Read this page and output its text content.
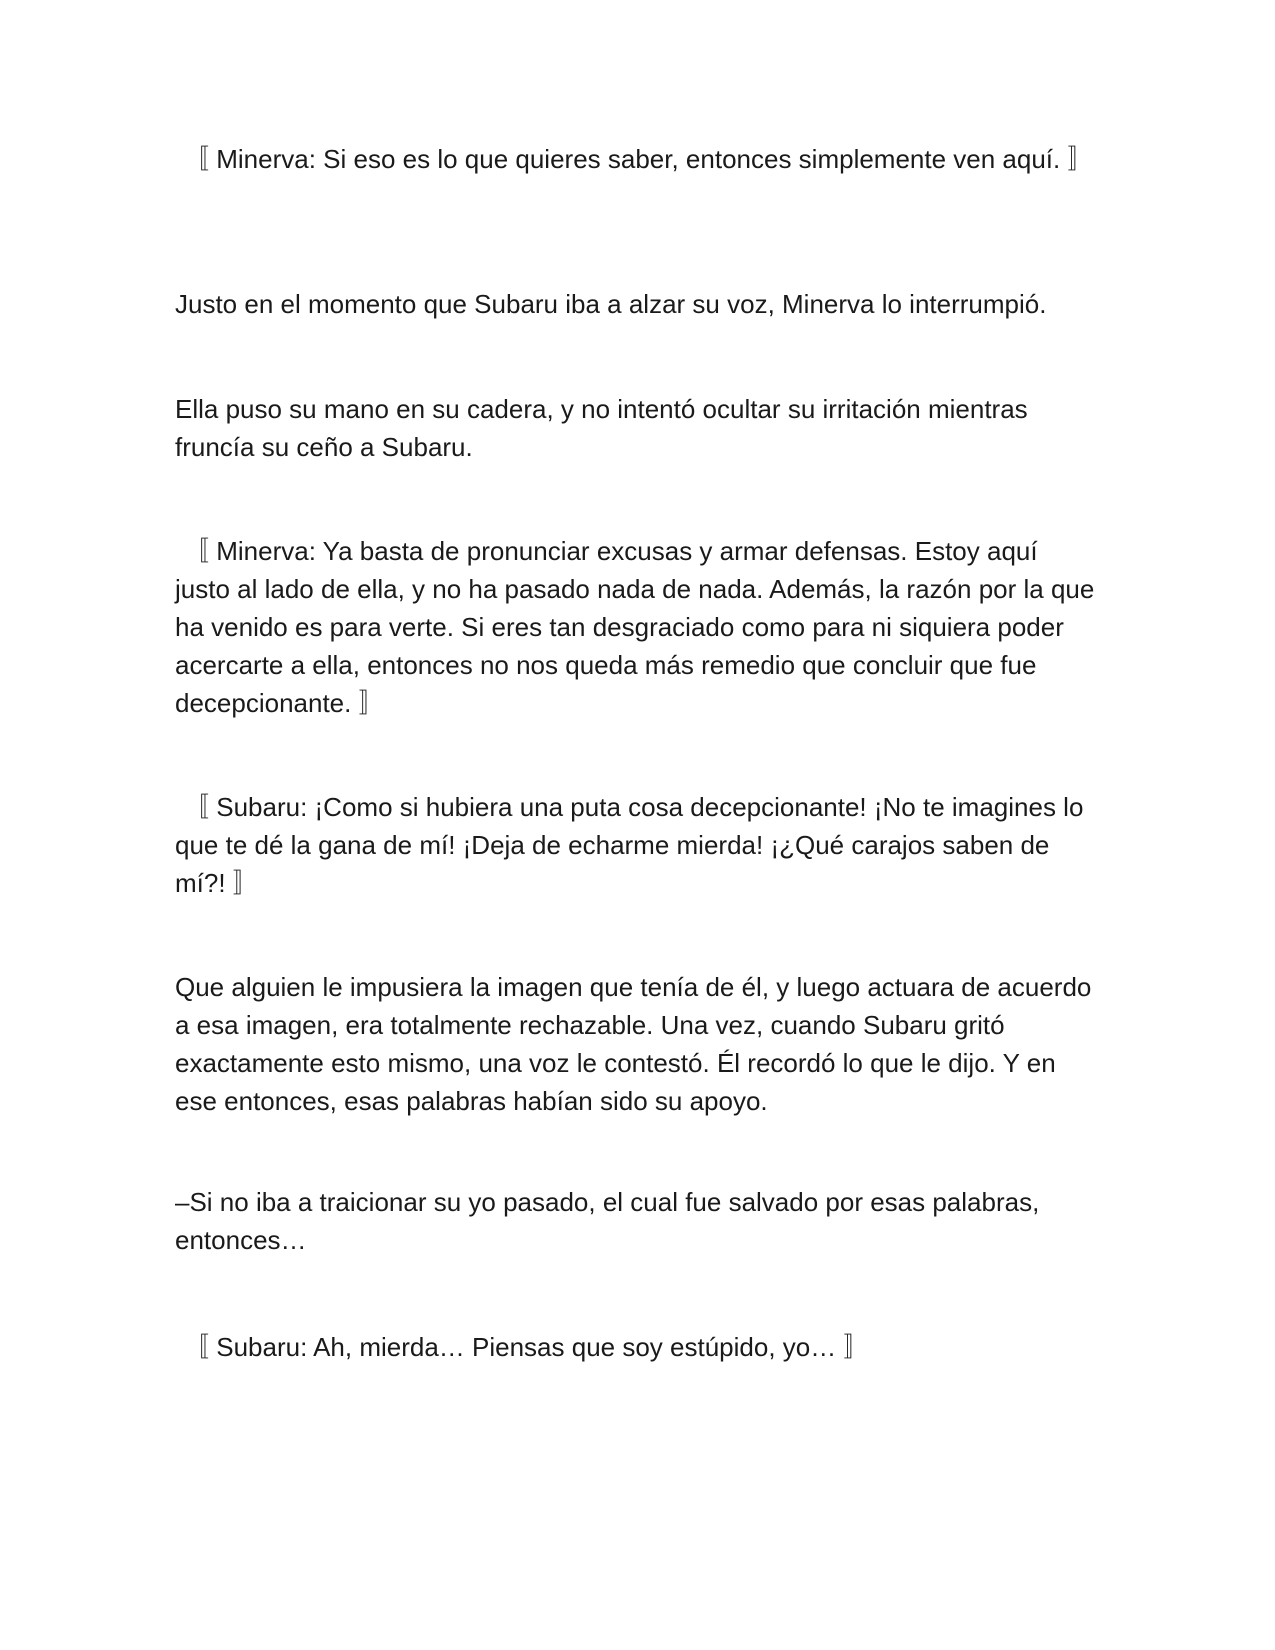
〚 Minerva: Si eso es lo que quieres saber, entonces simplemente ven aquí. 〛

Justo en el momento que Subaru iba a alzar su voz, Minerva lo interrumpió.

Ella puso su mano en su cadera, y no intentó ocultar su irritación mientras fruncía su ceño a Subaru.

〚 Minerva: Ya basta de pronunciar excusas y armar defensas. Estoy aquí justo al lado de ella, y no ha pasado nada de nada. Además, la razón por la que ha venido es para verte. Si eres tan desgraciado como para ni siquiera poder acercarte a ella, entonces no nos queda más remedio que concluir que fue decepcionante. 〛

〚 Subaru: ¡Como si hubiera una puta cosa decepcionante! ¡No te imagines lo que te dé la gana de mí! ¡Deja de echarme mierda! ¡¿Qué carajos saben de mí?! 〛

Que alguien le impusiera la imagen que tenía de él, y luego actuara de acuerdo a esa imagen, era totalmente rechazable. Una vez, cuando Subaru gritó exactamente esto mismo, una voz le contestó. Él recordó lo que le dijo. Y en ese entonces, esas palabras habían sido su apoyo.

–Si no iba a traicionar su yo pasado, el cual fue salvado por esas palabras, entonces…

〚 Subaru: Ah, mierda… Piensas que soy estúpido, yo… 〛
